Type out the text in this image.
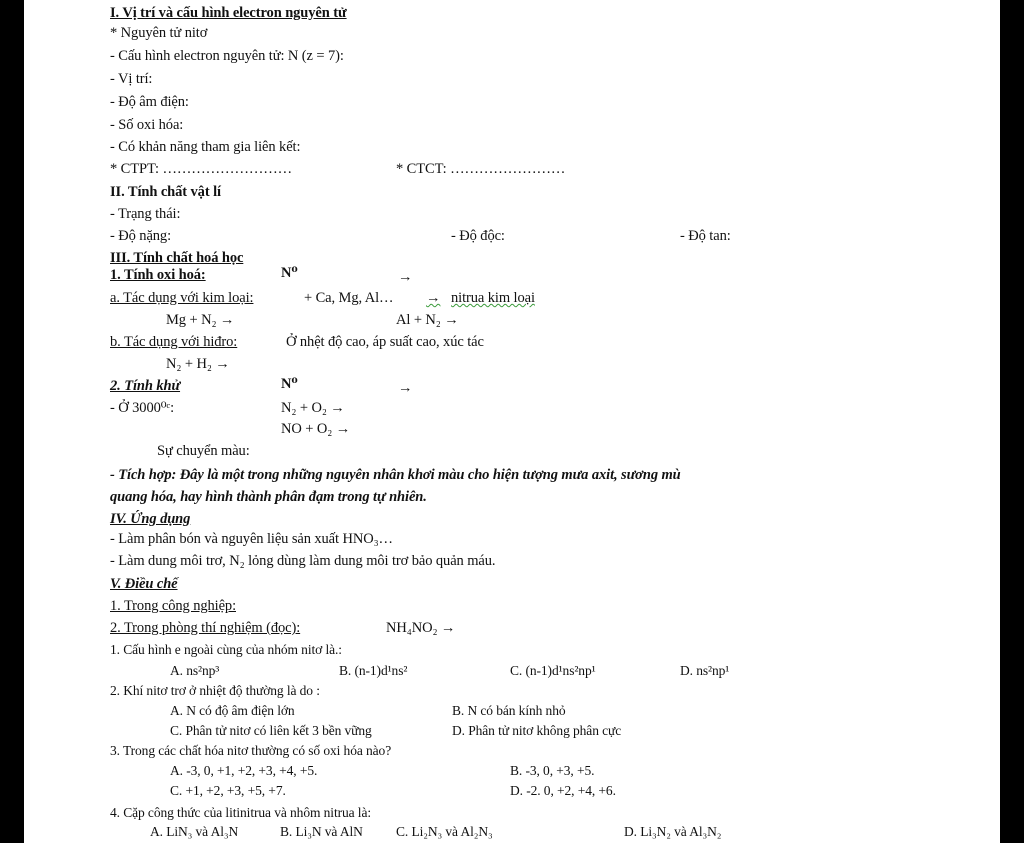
I. Vị trí và cấu hình electron nguyên tử
* Nguyên tử nitơ
- Cấu hình electron nguyên tử: N (z = 7):
- Vị trí:
- Độ âm điện:
- Số oxi hóa:
- Có khản năng tham gia liên kết:
* CTPT: ………………………	* CTCT: ……………………
II. Tính chất vật lí
- Trạng thái:
- Độ nặng:	- Độ độc:	- Độ tan:
III. Tính chất hoá học
1. Tính oxi hoá:	N⁰	→
a. Tác dụng với kim loại:	+ Ca, Mg, Al… → nitrua kim loại
Mg + N₂ →	Al + N₂ →
b. Tác dụng với hiđro:	Ở nhệt độ cao, áp suất cao, xúc tác
N₂ + H₂ →
2. Tính khử	N⁰	→
- Ở 3000⁰ᶜ:	N₂ + O₂ →
NO + O₂ →
Sự chuyển màu:
- Tích hợp: Đây là một trong những nguyên nhân khơi màu cho hiện tượng mưa axit, sương mù
quang hóa, hay hình thành phân đạm trong tự nhiên.
IV. Ứng dụng
- Làm phân bón và nguyên liệu sản xuất HNO₃…
- Làm dung môi trơ, N₂ lỏng dùng làm dung môi trơ bảo quản máu.
V. Điều chế
1. Trong công nghiệp:
2. Trong phòng thí nghiệm (đọc):	NH₄NO₂ →
1. Cấu hình e ngoài cùng của nhóm nitơ là.:
A. ns²np³	B. (n-1)d¹ns²	C. (n-1)d¹ns²np¹	D. ns²np¹
2. Khí nitơ trơ ở nhiệt độ thường là do :
A. N có độ âm điện lớn	B. N có bán kính nhỏ
C. Phân tử nitơ có liên kết 3 bền vững	D. Phân tử nitơ không phân cực
3. Trong các chất hóa nitơ thường có số oxi hóa nào?
A. -3, 0, +1, +2, +3, +4, +5.	B. -3, 0, +3, +5.
C. +1, +2, +3, +5, +7.	D. -2. 0, +2, +4, +6.
4. Cặp công thức của litinitrua và nhôm nitrua là:
A. LiN₃ và Al₃N	B. Li₃N và AlN C. Li₂N₃ và Al₂N₃	D. Li₃N₂ và Al₃N₂
